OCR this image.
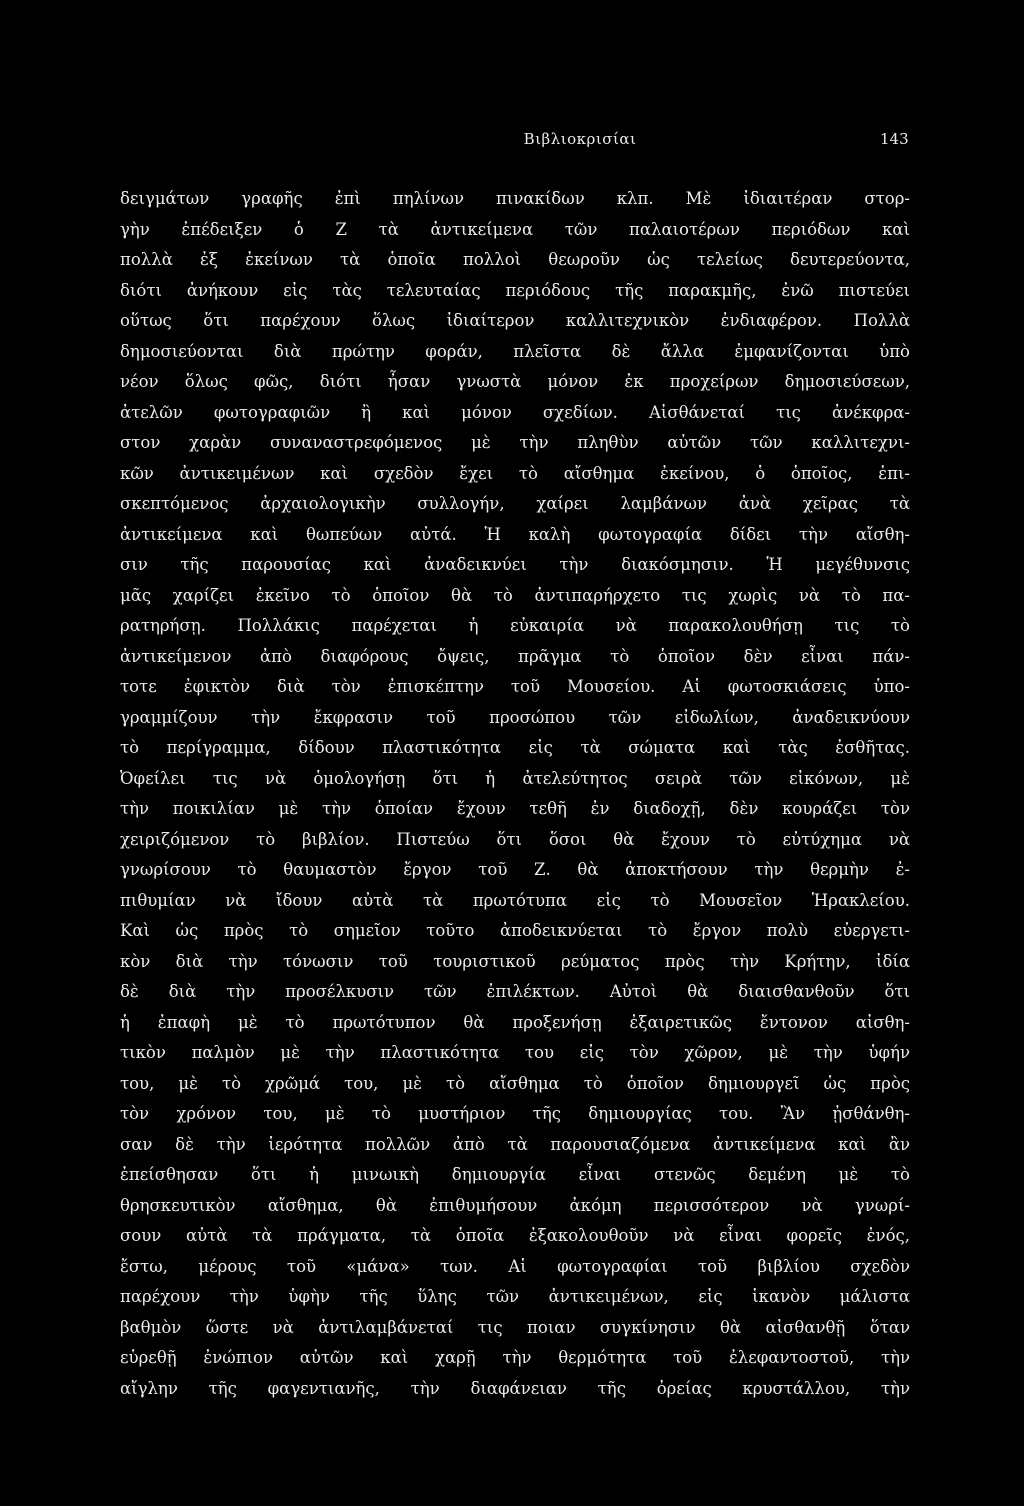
Βιβλιοκρισίαι	143
δειγμάτων γραφῆς ἐπὶ πηλίνων πινακίδων κλπ. Μὲ ἰδιαιτέραν στορ-
γὴν ἐπέδειξεν ὁ Ζ τὰ ἀντικείμενα τῶν παλαιοτέρων περιόδων καὶ
πολλὰ ἐξ ἐκείνων τὰ ὁποῖα πολλοὶ θεωροῦν ὡς τελείως δευτερεύοντα,
διότι ἀνήκουν εἰς τὰς τελευταίας περιόδους τῆς παρακμῆς, ἐνῶ πιστεύει
οὕτως ὅτι παρέχουν ὅλως ἰδιαίτερον καλλιτεχνικὸν ἐνδιαφέρον. Πολλὰ
δημοσιεύονται διὰ πρώτην φοράν, πλεῖστα δὲ ἄλλα ἐμφανίζονται ὑπὸ
νέον ὅλως φῶς, διότι ἦσαν γνωστὰ μόνον ἐκ προχείρων δημοσιεύσεων,
ἀτελῶν φωτογραφιῶν ἢ καὶ μόνον σχεδίων. Αἰσθάνεταί τις ἀνέκφρα-
στον χαρὰν συναναστρεφόμενος μὲ τὴν πληθὺν αὐτῶν τῶν καλλιτεχνι-
κῶν ἀντικειμένων καὶ σχεδὸν ἔχει τὸ αἴσθημα ἐκείνου, ὁ ὁποῖος, ἐπι-
σκεπτόμενος ἀρχαιολογικὴν συλλογήν, χαίρει λαμβάνων ἀνὰ χεῖρας τὰ
ἀντικείμενα καὶ θωπεύων αὐτά. Ἡ καλὴ φωτογραφία δίδει τὴν αἴσθη-
σιν τῆς παρουσίας καὶ ἀναδεικνύει τὴν διακόσμησιν. Ἡ μεγέθυνσις
μᾶς χαρίζει ἐκεῖνο τὸ ὁποῖον θὰ τὸ ἀντιπαρήρχετο τις χωρὶς νὰ τὸ πα-
ρατηρήσῃ. Πολλάκις παρέχεται ἡ εὐκαιρία νὰ παρακολουθήσῃ τις τὸ
ἀντικείμενον ἀπὸ διαφόρους ὄψεις, πρᾶγμα τὸ ὁποῖον δὲν εἶναι πάν-
τοτε ἐφικτὸν διὰ τὸν ἐπισκέπτην τοῦ Μουσείου. Αἱ φωτοσκιάσεις ὑπο-
γραμμίζουν τὴν ἔκφρασιν τοῦ προσώπου τῶν εἰδωλίων, ἀναδεικνύουν
τὸ περίγραμμα, δίδουν πλαστικότητα εἰς τὰ σώματα καὶ τὰς ἐσθῆτας.
Ὀφείλει τις νὰ ὁμολογήσῃ ὅτι ἡ ἀτελεύτητος σειρὰ τῶν εἰκόνων, μὲ
τὴν ποικιλίαν μὲ τὴν ὁποίαν ἔχουν τεθῆ ἐν διαδοχῇ, δὲν κουράζει τὸν
χειριζόμενον τὸ βιβλίον. Πιστεύω ὅτι ὅσοι θὰ ἔχουν τὸ εὐτύχημα νὰ
γνωρίσουν τὸ θαυμαστὸν ἔργον τοῦ Ζ. θὰ ἀποκτήσουν τὴν θερμὴν ἐ-
πιθυμίαν νὰ ἴδουν αὐτὰ τὰ πρωτότυπα εἰς τὸ Μουσεῖον Ἡρακλείου.
Καὶ ὡς πρὸς τὸ σημεῖον τοῦτο ἀποδεικνύεται τὸ ἔργον πολὺ εὐεργετι-
κὸν διὰ τὴν τόνωσιν τοῦ τουριστικοῦ ρεύματος πρὸς τὴν Κρήτην, ἰδία
δὲ διὰ τὴν προσέλκυσιν τῶν ἐπιλέκτων. Αὐτοὶ θὰ διαισθανθοῦν ὅτι
ἡ ἐπαφὴ μὲ τὸ πρωτότυπον θὰ προξενήσῃ ἐξαιρετικῶς ἔντονον αἰσθη-
τικὸν παλμὸν μὲ τὴν πλαστικότητα του εἰς τὸν χῶρον, μὲ τὴν ὑφήν
του, μὲ τὸ χρῶμά του, μὲ τὸ αἴσθημα τὸ ὁποῖον δημιουργεῖ ὡς πρὸς
τὸν χρόνον του, μὲ τὸ μυστήριον τῆς δημιουργίας του. Ἂν ᾐσθάνθη-
σαν δὲ τὴν ἱερότητα πολλῶν ἀπὸ τὰ παρουσιαζόμενα ἀντικείμενα καὶ ἂν
ἐπείσθησαν ὅτι ἡ μινωικὴ δημιουργία εἶναι στενῶς δεμένη μὲ τὸ
θρησκευτικὸν αἴσθημα, θὰ ἐπιθυμήσουν ἀκόμη περισσότερον νὰ γνωρί-
σουν αὐτὰ τὰ πράγματα, τὰ ὁποῖα ἐξακολουθοῦν νὰ εἶναι φορεῖς ἑνός,
ἔστω, μέρους τοῦ «μάνα» των. Αἱ φωτογραφίαι τοῦ βιβλίου σχεδὸν
παρέχουν τὴν ὑφὴν τῆς ὕλης τῶν ἀντικειμένων, εἰς ἱκανὸν μάλιστα
βαθμὸν ὥστε νὰ ἀντιλαμβάνεταί τις ποιαν συγκίνησιν θὰ αἰσθανθῇ ὅταν
εὑρεθῇ ἐνώπιον αὐτῶν καὶ χαρῇ τὴν θερμότητα τοῦ ἐλεφαντοστοῦ, τὴν
αἴγλην τῆς φαγεντιανῆς, τὴν διαφάνειαν τῆς ὀρείας κρυστάλλου, τὴν
